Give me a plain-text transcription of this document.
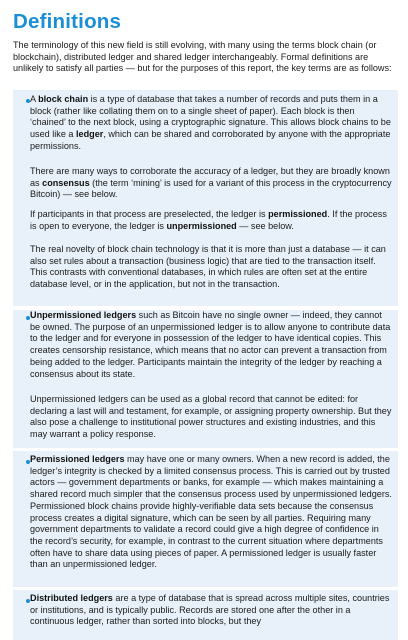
Definitions

The terminology of this new field is still evolving, with many using the terms block chain (or blockchain), distributed ledger and shared ledger interchangeably. Formal definitions are unlikely to satisfy all parties — but for the purposes of this report, the key terms are as follows:

A block chain is a type of database that takes a number of records and puts them in a block (rather like collating them on to a single sheet of paper). Each block is then ‘chained’ to the next block, using a cryptographic signature. This allows block chains to be used like a ledger, which can be shared and corroborated by anyone with the appropriate permissions.

There are many ways to corroborate the accuracy of a ledger, but they are broadly known as consensus (the term ‘mining’ is used for a variant of this process in the cryptocurrency Bitcoin) — see below.

If participants in that process are preselected, the ledger is permissioned. If the process is open to everyone, the ledger is unpermissioned — see below.

The real novelty of block chain technology is that it is more than just a database — it can also set rules about a transaction (business logic) that are tied to the transaction itself. This contrasts with conventional databases, in which rules are often set at the entire database level, or in the application, but not in the transaction.

Unpermissioned ledgers such as Bitcoin have no single owner — indeed, they cannot be owned. The purpose of an unpermissioned ledger is to allow anyone to contribute data to the ledger and for everyone in possession of the ledger to have identical copies. This creates censorship resistance, which means that no actor can prevent a transaction from being added to the ledger. Participants maintain the integrity of the ledger by reaching a consensus about its state.

Unpermissioned ledgers can be used as a global record that cannot be edited: for declaring a last will and testament, for example, or assigning property ownership. But they also pose a challenge to institutional power structures and existing industries, and this may warrant a policy response.

Permissioned ledgers may have one or many owners. When a new record is added, the ledger’s integrity is checked by a limited consensus process. This is carried out by trusted actors — government departments or banks, for example — which makes maintaining a shared record much simpler that the consensus process used by unpermissioned ledgers. Permissioned block chains provide highly-verifiable data sets because the consensus process creates a digital signature, which can be seen by all parties. Requiring many government departments to validate a record could give a high degree of confidence in the record’s security, for example, in contrast to the current situation where departments often have to share data using pieces of paper. A permissioned ledger is usually faster than an unpermissioned ledger.

Distributed ledgers are a type of database that is spread across multiple sites, countries or institutions, and is typically public. Records are stored one after the other in a continuous ledger, rather than sorted into blocks, but they
